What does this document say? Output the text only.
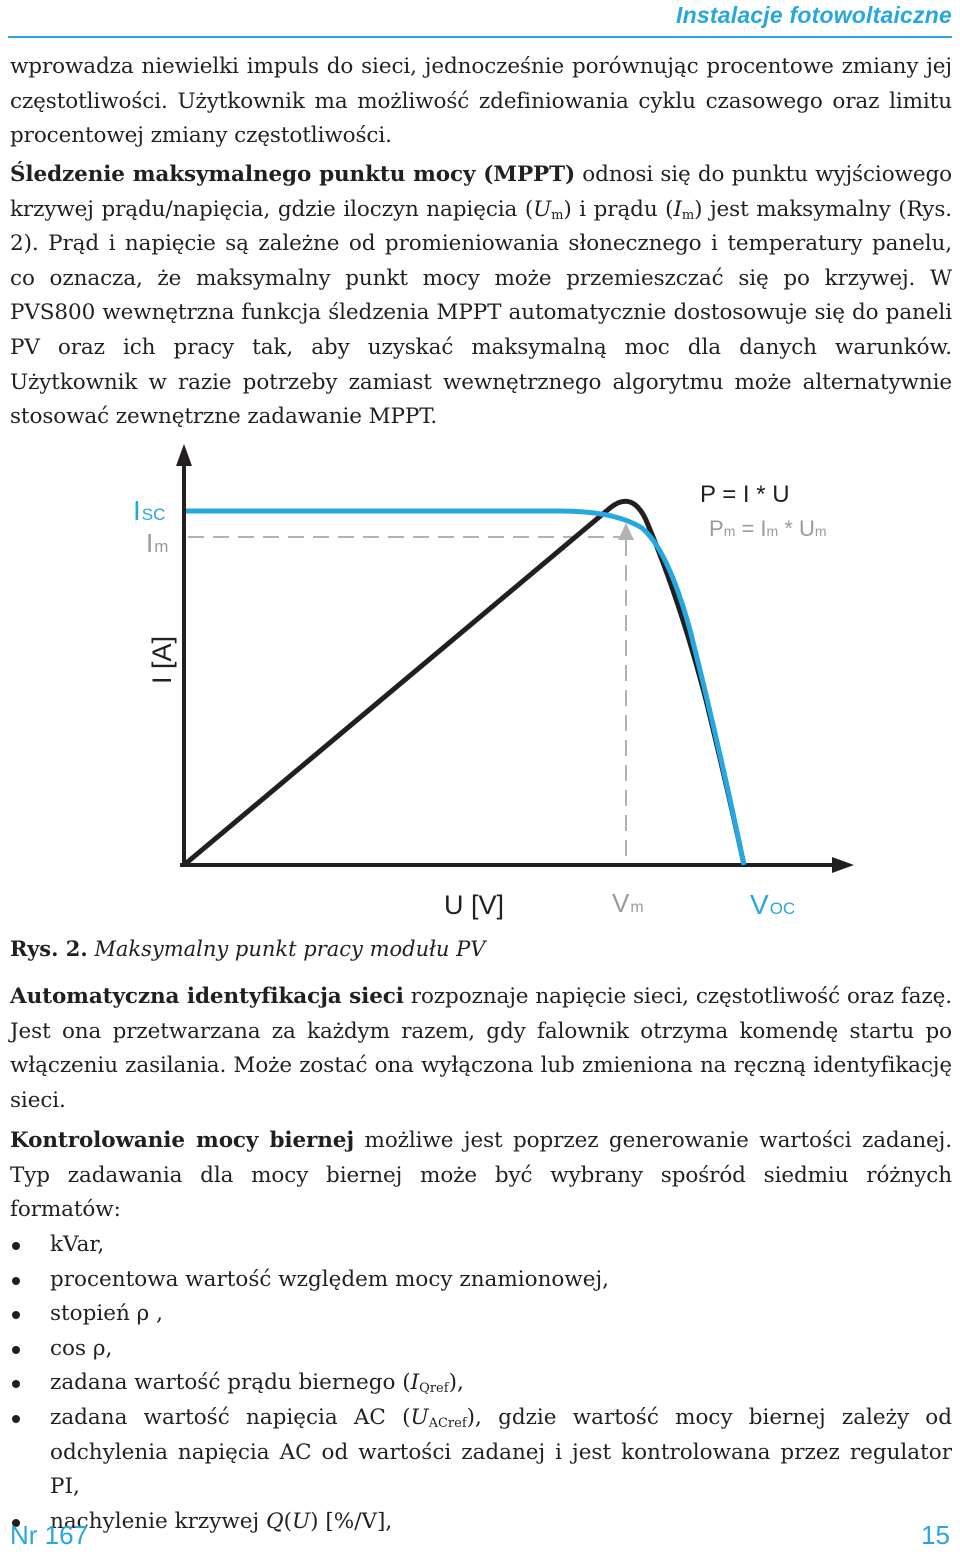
Instalacje fotowoltaiczne

wprowadza niewielki impuls do sieci, jednocześnie porównując procentowe zmiany jej częstotliwości. Użytkownik ma możliwość zdefiniowania cyklu czasowego oraz limitu procentowej zmiany częstotliwości.

Śledzenie maksymalnego punktu mocy (MPPT) odnosi się do punktu wyjściowego krzywej prądu/napięcia, gdzie iloczyn napięcia $(U_m)$ i prądu $(I_m)$ jest maksymalny (Rys. 2). Prąd i napięcie są zależne od promieniowania słonecznego i temperatury panelu, co oznacza, że maksymalny punkt mocy może przemieszczać się po krzywej. W PVS800 wewnętrzna funkcja śledzenia MPPT automatycznie dostosowuje się do paneli PV oraz ich pracy tak, aby uzyskać maksymalną moc dla danych warunków. Użytkownik w razie potrzeby zamiast wewnętrznego algorytmu może alternatywnie stosować zewnętrzne zadawanie MPPT.

ISC
Im
I [A]
U [V]	Vm	VOC
P = I * U
Pm = Im * Um
Rys. 2. Maksymalny punkt pracy modułu PV

Automatyczna identyfikacja sieci rozpoznaje napięcie sieci, częstotliwość oraz fazę. Jest ona przetwarzana za każdym razem, gdy falownik otrzyma komendę startu po włączeniu zasilania. Może zostać ona wyłączona lub zmieniona na ręczną identyfikację sieci.

Kontrolowanie mocy biernej możliwe jest poprzez generowanie wartości zadanej. Typ zadawania dla mocy biernej może być wybrany spośród siedmiu różnych formatów:

kVar,
procentowa wartość względem mocy znamionowej,
stopień ρ ,
cos ρ,
zadana wartość prądu biernego $(I_{Qref})$,
zadana wartość napięcia AC $(U_{ACref})$, gdzie wartość mocy biernej zależy od odchylenia napięcia AC od wartości zadanej i jest kontrolowana przez regulator PI,
nachylenie krzywej Q(U) [%/V],
Nr 167	15
